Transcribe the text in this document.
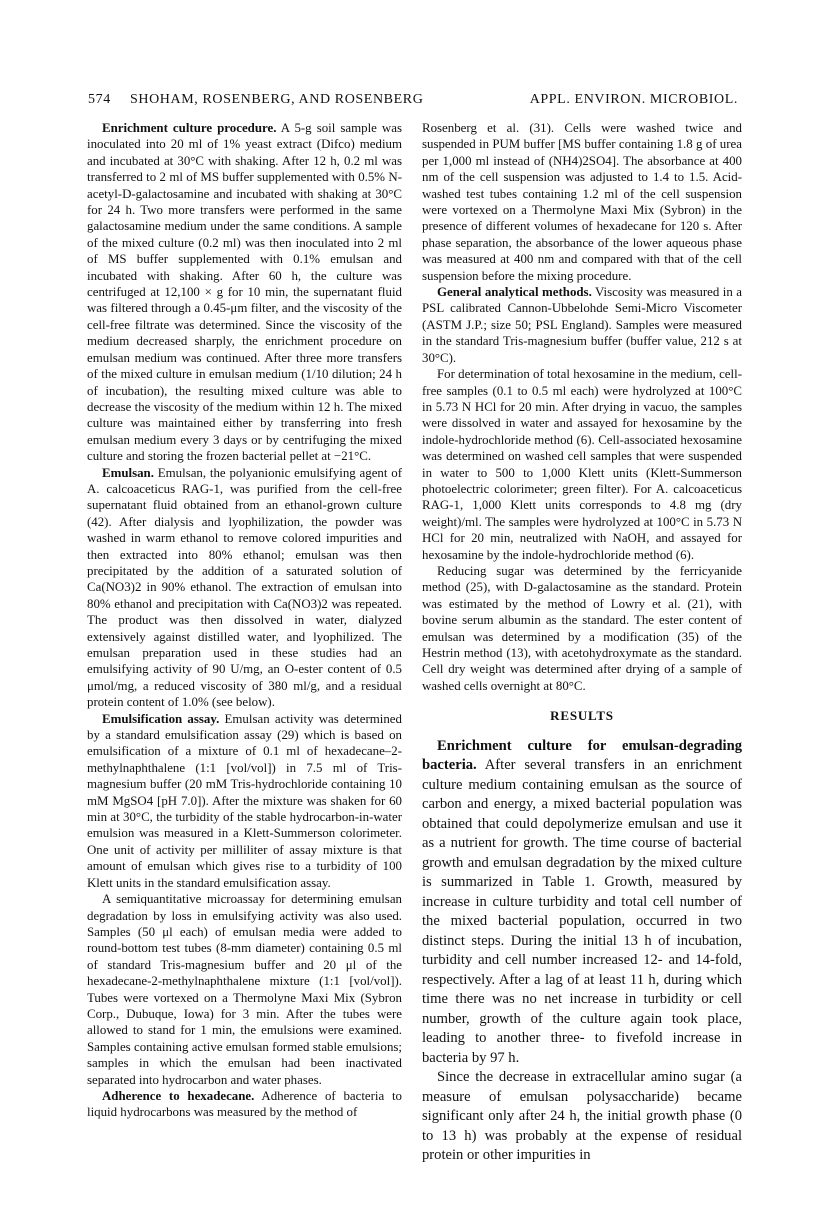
574 SHOHAM, ROSENBERG, AND ROSENBERG	APPL. ENVIRON. MICROBIOL.

Enrichment culture procedure. A 5-g soil sample was inoculated into 20 ml of 1% yeast extract (Difco) medium and incubated at 30°C with shaking. After 12 h, 0.2 ml was transferred to 2 ml of MS buffer supplemented with 0.5% N-acetyl-D-galactosamine and incubated with shaking at 30°C for 24 h. Two more transfers were performed in the same galactosamine medium under the same conditions. A sample of the mixed culture (0.2 ml) was then inoculated into 2 ml of MS buffer supplemented with 0.1% emulsan and incubated with shaking. After 60 h, the culture was centrifuged at 12,100 × g for 10 min, the supernatant fluid was filtered through a 0.45-μm filter, and the viscosity of the cell-free filtrate was determined. Since the viscosity of the medium decreased sharply, the enrichment procedure on emulsan medium was continued. After three more transfers of the mixed culture in emulsan medium (1/10 dilution; 24 h of incubation), the resulting mixed culture was able to decrease the viscosity of the medium within 12 h. The mixed culture was maintained either by transferring into fresh emulsan medium every 3 days or by centrifuging the mixed culture and storing the frozen bacterial pellet at −21°C.

Emulsan. Emulsan, the polyanionic emulsifying agent of A. calcoaceticus RAG-1, was purified from the cell-free supernatant fluid obtained from an ethanol-grown culture (42). After dialysis and lyophilization, the powder was washed in warm ethanol to remove colored impurities and then extracted into 80% ethanol; emulsan was then precipitated by the addition of a saturated solution of Ca(NO3)2 in 90% ethanol. The extraction of emulsan into 80% ethanol and precipitation with Ca(NO3)2 was repeated. The product was then dissolved in water, dialyzed extensively against distilled water, and lyophilized. The emulsan preparation used in these studies had an emulsifying activity of 90 U/mg, an O-ester content of 0.5 μmol/mg, a reduced viscosity of 380 ml/g, and a residual protein content of 1.0% (see below).

Emulsification assay. Emulsan activity was determined by a standard emulsification assay (29) which is based on emulsification of a mixture of 0.1 ml of hexadecane–2-methylnaphthalene (1:1 [vol/vol]) in 7.5 ml of Tris-magnesium buffer (20 mM Tris-hydrochloride containing 10 mM MgSO4 [pH 7.0]). After the mixture was shaken for 60 min at 30°C, the turbidity of the stable hydrocarbon-in-water emulsion was measured in a Klett-Summerson colorimeter. One unit of activity per milliliter of assay mixture is that amount of emulsan which gives rise to a turbidity of 100 Klett units in the standard emulsification assay.

A semiquantitative microassay for determining emulsan degradation by loss in emulsifying activity was also used. Samples (50 μl each) of emulsan media were added to round-bottom test tubes (8-mm diameter) containing 0.5 ml of standard Tris-magnesium buffer and 20 μl of the hexadecane-2-methylnaphthalene mixture (1:1 [vol/vol]). Tubes were vortexed on a Thermolyne Maxi Mix (Sybron Corp., Dubuque, Iowa) for 3 min. After the tubes were allowed to stand for 1 min, the emulsions were examined. Samples containing active emulsan formed stable emulsions; samples in which the emulsan had been inactivated separated into hydrocarbon and water phases.

Adherence to hexadecane. Adherence of bacteria to liquid hydrocarbons was measured by the method of

Rosenberg et al. (31). Cells were washed twice and suspended in PUM buffer [MS buffer containing 1.8 g of urea per 1,000 ml instead of (NH4)2SO4]. The absorbance at 400 nm of the cell suspension was adjusted to 1.4 to 1.5. Acid-washed test tubes containing 1.2 ml of the cell suspension were vortexed on a Thermolyne Maxi Mix (Sybron) in the presence of different volumes of hexadecane for 120 s. After phase separation, the absorbance of the lower aqueous phase was measured at 400 nm and compared with that of the cell suspension before the mixing procedure.

General analytical methods. Viscosity was measured in a PSL calibrated Cannon-Ubbelohde Semi-Micro Viscometer (ASTM J.P.; size 50; PSL England). Samples were measured in the standard Tris-magnesium buffer (buffer value, 212 s at 30°C).

For determination of total hexosamine in the medium, cell-free samples (0.1 to 0.5 ml each) were hydrolyzed at 100°C in 5.73 N HCl for 20 min. After drying in vacuo, the samples were dissolved in water and assayed for hexosamine by the indole-hydrochloride method (6). Cell-associated hexosamine was determined on washed cell samples that were suspended in water to 500 to 1,000 Klett units (Klett-Summerson photoelectric colorimeter; green filter). For A. calcoaceticus RAG-1, 1,000 Klett units corresponds to 4.8 mg (dry weight)/ml. The samples were hydrolyzed at 100°C in 5.73 N HCl for 20 min, neutralized with NaOH, and assayed for hexosamine by the indole-hydrochloride method (6).

Reducing sugar was determined by the ferricyanide method (25), with D-galactosamine as the standard. Protein was estimated by the method of Lowry et al. (21), with bovine serum albumin as the standard. The ester content of emulsan was determined by a modification (35) of the Hestrin method (13), with acetohydroxymate as the standard. Cell dry weight was determined after drying of a sample of washed cells overnight at 80°C.

RESULTS

Enrichment culture for emulsan-degrading bacteria. After several transfers in an enrichment culture medium containing emulsan as the source of carbon and energy, a mixed bacterial population was obtained that could depolymerize emulsan and use it as a nutrient for growth. The time course of bacterial growth and emulsan degradation by the mixed culture is summarized in Table 1. Growth, measured by increase in culture turbidity and total cell number of the mixed bacterial population, occurred in two distinct steps. During the initial 13 h of incubation, turbidity and cell number increased 12- and 14-fold, respectively. After a lag of at least 11 h, during which time there was no net increase in turbidity or cell number, growth of the culture again took place, leading to another three- to fivefold increase in bacteria by 97 h.

Since the decrease in extracellular amino sugar (a measure of emulsan polysaccharide) became significant only after 24 h, the initial growth phase (0 to 13 h) was probably at the expense of residual protein or other impurities in
